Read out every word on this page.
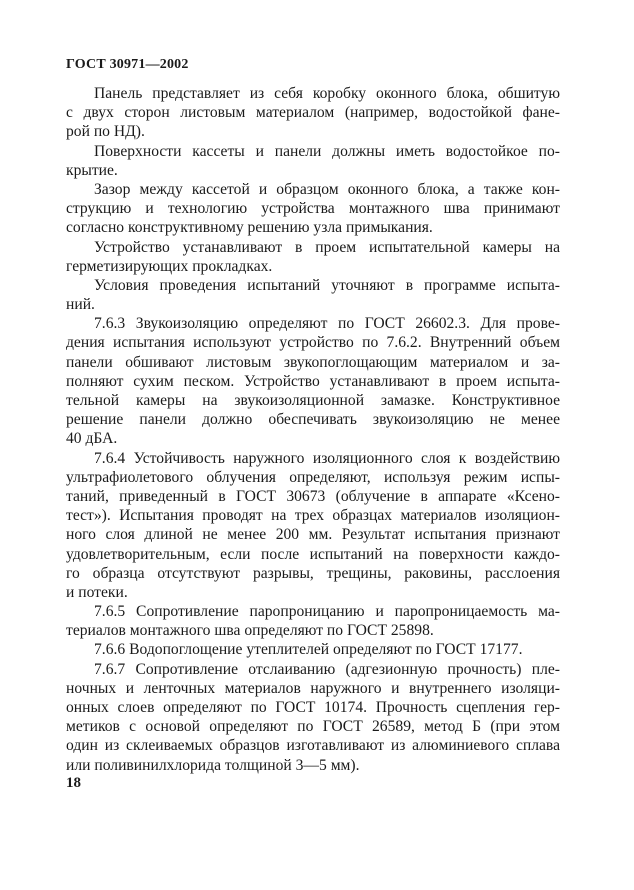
ГОСТ 30971—2002
Панель представляет из себя коробку оконного блока, обшитую
с двух сторон листовым материалом (например, водостойкой фане-
рой по НД).
Поверхности кассеты и панели должны иметь водостойкое по-
крытие.
Зазор между кассетой и образцом оконного блока, а также кон-
струкцию и технологию устройства монтажного шва принимают
согласно конструктивному решению узла примыкания.
Устройство устанавливают в проем испытательной камеры на
герметизирующих прокладках.
Условия проведения испытаний уточняют в программе испыта-
ний.
7.6.3 Звукоизоляцию определяют по ГОСТ 26602.3. Для прове-
дения испытания используют устройство по 7.6.2. Внутренний объем
панели обшивают листовым звукопоглощающим материалом и за-
полняют сухим песком. Устройство устанавливают в проем испыта-
тельной камеры на звукоизоляционной замазке. Конструктивное
решение панели должно обеспечивать звукоизоляцию не менее
40 дБА.
7.6.4 Устойчивость наружного изоляционного слоя к воздействию
ультрафиолетового облучения определяют, используя режим испы-
таний, приведенный в ГОСТ 30673 (облучение в аппарате «Ксено-
тест»). Испытания проводят на трех образцах материалов изоляцион-
ного слоя длиной не менее 200 мм. Результат испытания признают
удовлетворительным, если после испытаний на поверхности каждо-
го образца отсутствуют разрывы, трещины, раковины, расслоения
и потеки.
7.6.5 Сопротивление паропроницанию и паропроницаемость ма-
териалов монтажного шва определяют по ГОСТ 25898.
7.6.6 Водопоглощение утеплителей определяют по ГОСТ 17177.
7.6.7 Сопротивление отслаиванию (адгезионную прочность) пле-
ночных и ленточных материалов наружного и внутреннего изоляци-
онных слоев определяют по ГОСТ 10174. Прочность сцепления гер-
метиков с основой определяют по ГОСТ 26589, метод Б (при этом
один из склеиваемых образцов изготавливают из алюминиевого сплава
или поливинилхлорида толщиной 3—5 мм).
18
